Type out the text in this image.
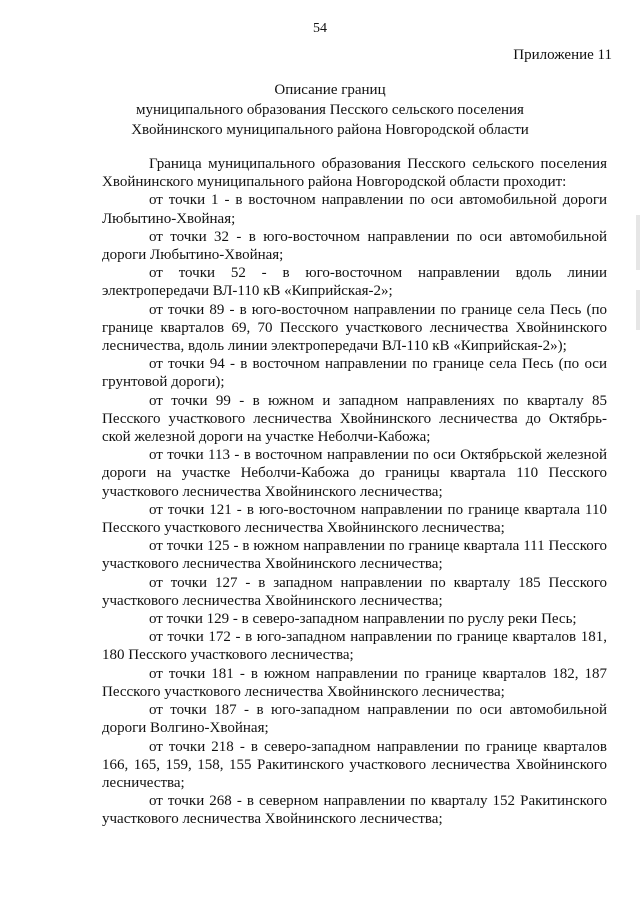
54
Приложение 11
Описание границ
муниципального образования Песского сельского поселения
Хвойнинского муниципального района Новгородской области

Граница муниципального образования Песского сельского поселения Хвойнинского муниципального района Новгородской области проходит:

от точки 1 - в восточном направлении по оси автомобильной дороги Любытино-Хвойная;

от точки 32 - в юго-восточном направлении по оси автомобильной дороги Любытино-Хвойная;

от точки 52 - в юго-восточном направлении вдоль линии электропередачи ВЛ-110 кВ «Киприйская-2»;

от точки 89 - в юго-восточном направлении по границе села Песь (по границе кварталов 69, 70 Песского участкового лесничества Хвойнинского лесничества, вдоль линии электропередачи ВЛ-110 кВ «Киприйская-2»);

от точки 94 - в восточном направлении по границе села Песь (по оси грунтовой дороги);

от точки 99 - в южном и западном направлениях по кварталу 85 Песского участкового лесничества Хвойнинского лесничества до Октябрь-ской железной дороги на участке Неболчи-Кабожа;

от точки 113 - в восточном направлении по оси Октябрьской железной дороги на участке Неболчи-Кабожа до границы квартала 110 Песского участкового лесничества Хвойнинского лесничества;

от точки 121 - в юго-восточном направлении по границе квартала 110 Песского участкового лесничества Хвойнинского лесничества;

от точки 125 - в южном направлении по границе квартала 111 Песского участкового лесничества Хвойнинского лесничества;

от точки 127 - в западном направлении по кварталу 185 Песского участкового лесничества Хвойнинского лесничества;

от точки 129 - в северо-западном направлении по руслу реки Песь;

от точки 172 - в юго-западном направлении по границе кварталов 181, 180 Песского участкового лесничества;

от точки 181 - в южном направлении по границе кварталов 182, 187 Песского участкового лесничества Хвойнинского лесничества;

от точки 187 - в юго-западном направлении по оси автомобильной дороги Волгино-Хвойная;

от точки 218 - в северо-западном направлении по границе кварталов 166, 165, 159, 158, 155 Ракитинского участкового лесничества Хвойнинского лесничества;

от точки 268 - в северном направлении по кварталу 152 Ракитинского участкового лесничества Хвойнинского лесничества;
